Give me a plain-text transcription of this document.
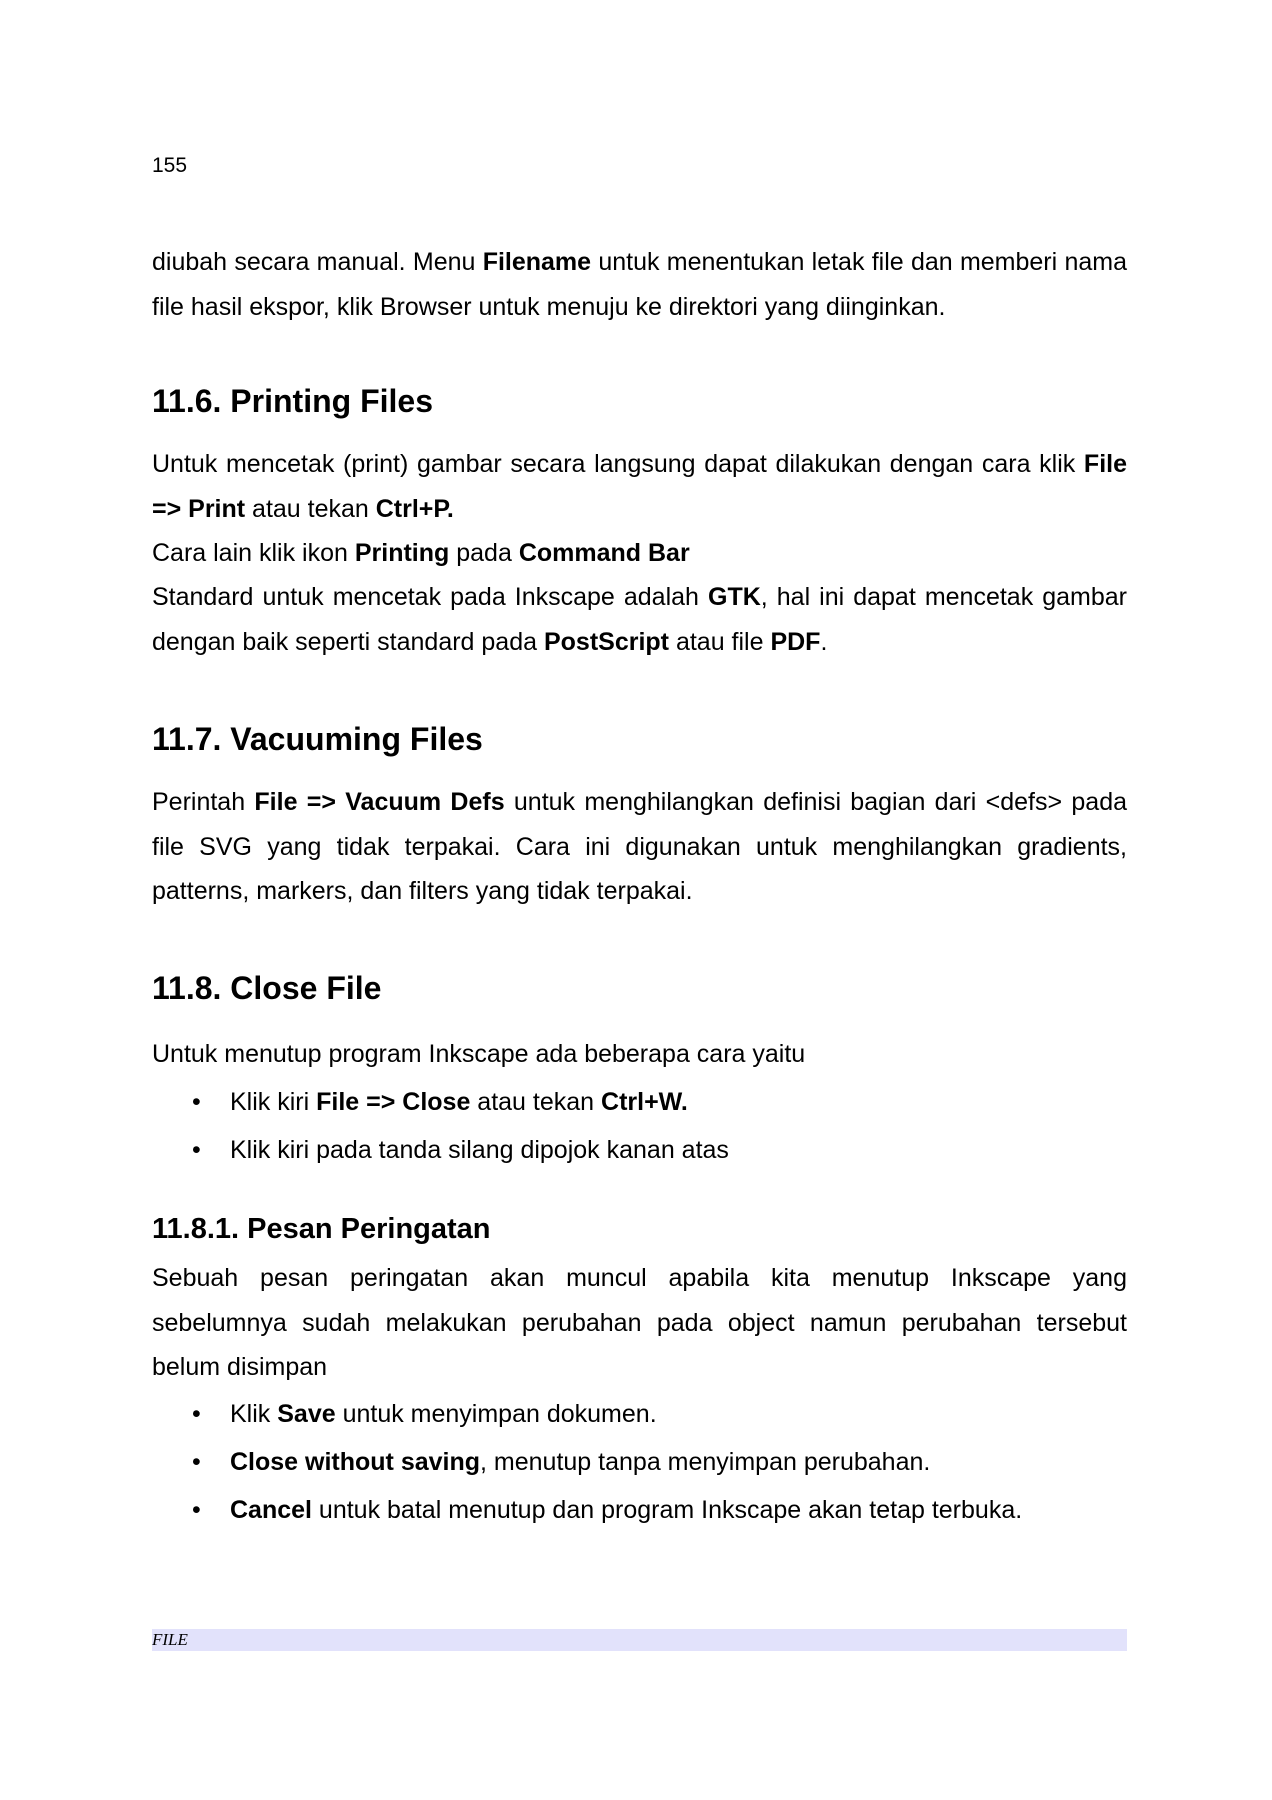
155

diubah secara manual. Menu Filename untuk menentukan letak file dan memberi nama file hasil ekspor, klik Browser untuk menuju ke direktori yang diinginkan.

11.6. Printing Files

Untuk mencetak (print) gambar secara langsung dapat dilakukan dengan cara klik File => Print atau tekan Ctrl+P.

Cara lain klik ikon Printing pada Command Bar

Standard untuk mencetak pada Inkscape adalah GTK, hal ini dapat mencetak gambar dengan baik seperti standard pada PostScript atau file PDF.

11.7. Vacuuming Files

Perintah File => Vacuum Defs untuk menghilangkan definisi bagian dari <defs> pada file SVG yang tidak terpakai. Cara ini digunakan untuk menghilangkan gradients, patterns, markers, dan filters yang tidak terpakai.

11.8. Close File

Untuk menutup program Inkscape ada beberapa cara yaitu

• Klik kiri File => Close atau tekan Ctrl+W.
• Klik kiri pada tanda silang dipojok kanan atas
11.8.1. Pesan Peringatan

Sebuah pesan peringatan akan muncul apabila kita menutup Inkscape yang sebelumnya sudah melakukan perubahan pada object namun perubahan tersebut belum disimpan

• Klik Save untuk menyimpan dokumen.
• Close without saving, menutup tanpa menyimpan perubahan.
• Cancel untuk batal menutup dan program Inkscape akan tetap terbuka.
FILE
